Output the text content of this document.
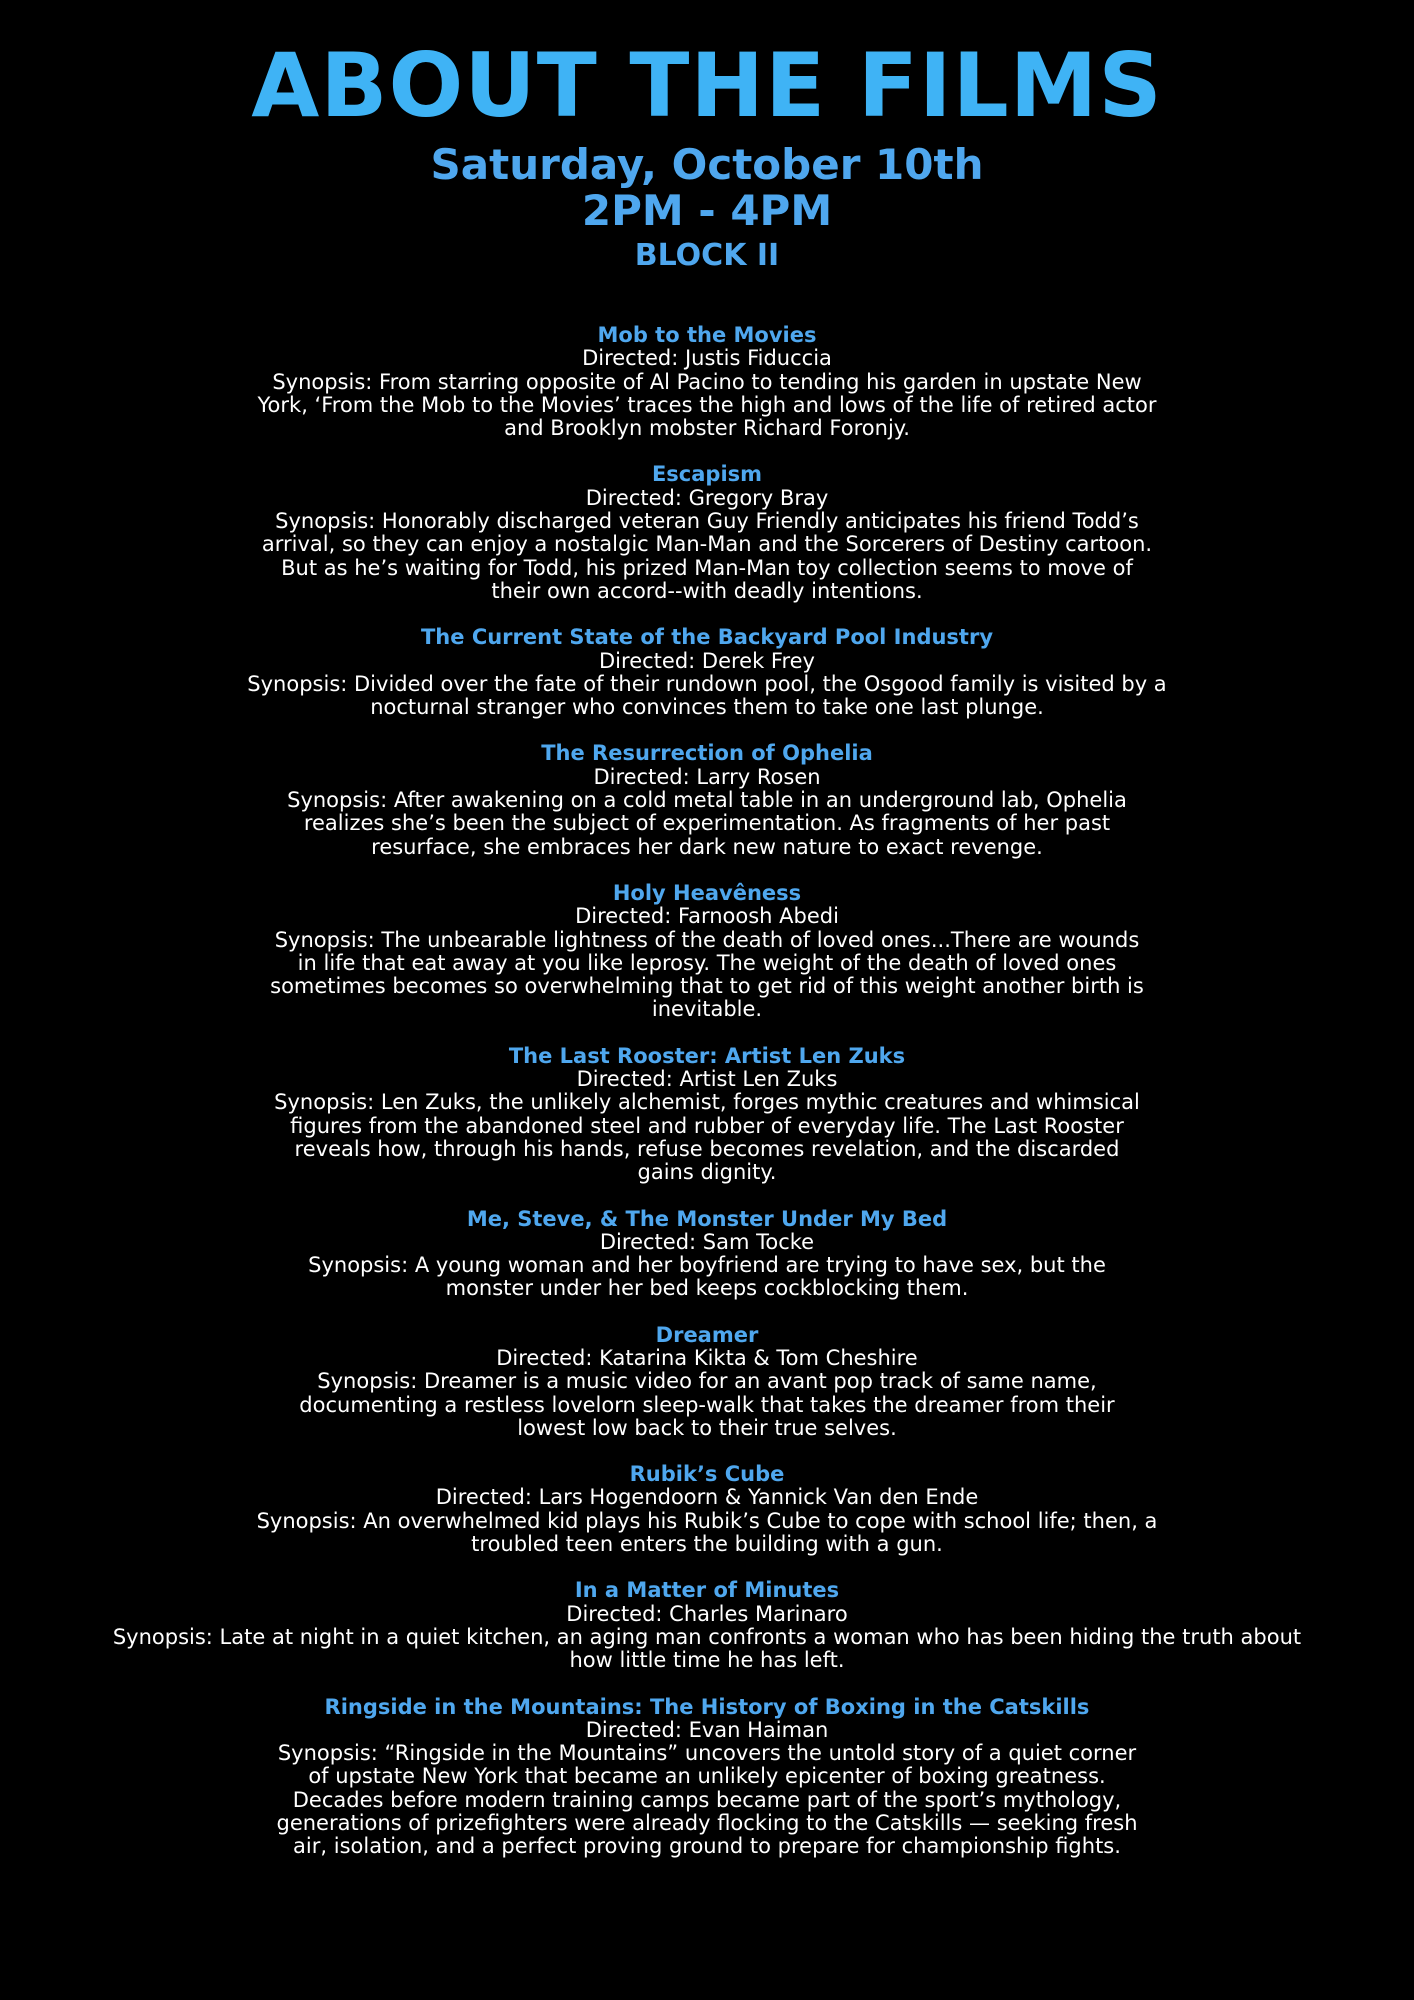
ABOUT THE FILMS
Saturday, October 10th
2PM - 4PM
BLOCK II
Mob to the Movies
Directed: Justis Fiduccia
Synopsis: From starring opposite of Al Pacino to tending his garden in upstate New York, ‘From the Mob to the Movies’ traces the high and lows of the life of retired actor and Brooklyn mobster Richard Foronjy.
Escapism
Directed: Gregory Bray
Synopsis: Honorably discharged veteran Guy Friendly anticipates his friend Todd’s arrival, so they can enjoy a nostalgic Man-Man and the Sorcerers of Destiny cartoon. But as he’s waiting for Todd, his prized Man-Man toy collection seems to move of their own accord--with deadly intentions.
The Current State of the Backyard Pool Industry
Directed: Derek Frey
Synopsis: Divided over the fate of their rundown pool, the Osgood family is visited by a nocturnal stranger who convinces them to take one last plunge.
The Resurrection of Ophelia
Directed: Larry Rosen
Synopsis: After awakening on a cold metal table in an underground lab, Ophelia realizes she’s been the subject of experimentation. As fragments of her past resurface, she embraces her dark new nature to exact revenge.
Holy Heavêness
Directed: Farnoosh Abedi
Synopsis: The unbearable lightness of the death of loved ones...There are wounds in life that eat away at you like leprosy. The weight of the death of loved ones sometimes becomes so overwhelming that to get rid of this weight another birth is inevitable.
The Last Rooster: Artist Len Zuks
Directed: Artist Len Zuks
Synopsis: Len Zuks, the unlikely alchemist, forges mythic creatures and whimsical figures from the abandoned steel and rubber of everyday life. The Last Rooster reveals how, through his hands, refuse becomes revelation, and the discarded gains dignity.
Me, Steve, & The Monster Under My Bed
Directed: Sam Tocke
Synopsis: A young woman and her boyfriend are trying to have sex, but the monster under her bed keeps cockblocking them.
Dreamer
Directed: Katarina Kikta & Tom Cheshire
Synopsis: Dreamer is a music video for an avant pop track of same name, documenting a restless lovelorn sleep-walk that takes the dreamer from their lowest low back to their true selves.
Rubik’s Cube
Directed: Lars Hogendoorn & Yannick Van den Ende
Synopsis: An overwhelmed kid plays his Rubik’s Cube to cope with school life; then, a troubled teen enters the building with a gun.
In a Matter of Minutes
Directed: Charles Marinaro
Synopsis: Late at night in a quiet kitchen, an aging man confronts a woman who has been hiding the truth about how little time he has left.
Ringside in the Mountains: The History of Boxing in the Catskills
Directed: Evan Haiman
Synopsis: “Ringside in the Mountains” uncovers the untold story of a quiet corner of upstate New York that became an unlikely epicenter of boxing greatness. Decades before modern training camps became part of the sport’s mythology, generations of prizefighters were already flocking to the Catskills — seeking fresh air, isolation, and a perfect proving ground to prepare for championship fights.
